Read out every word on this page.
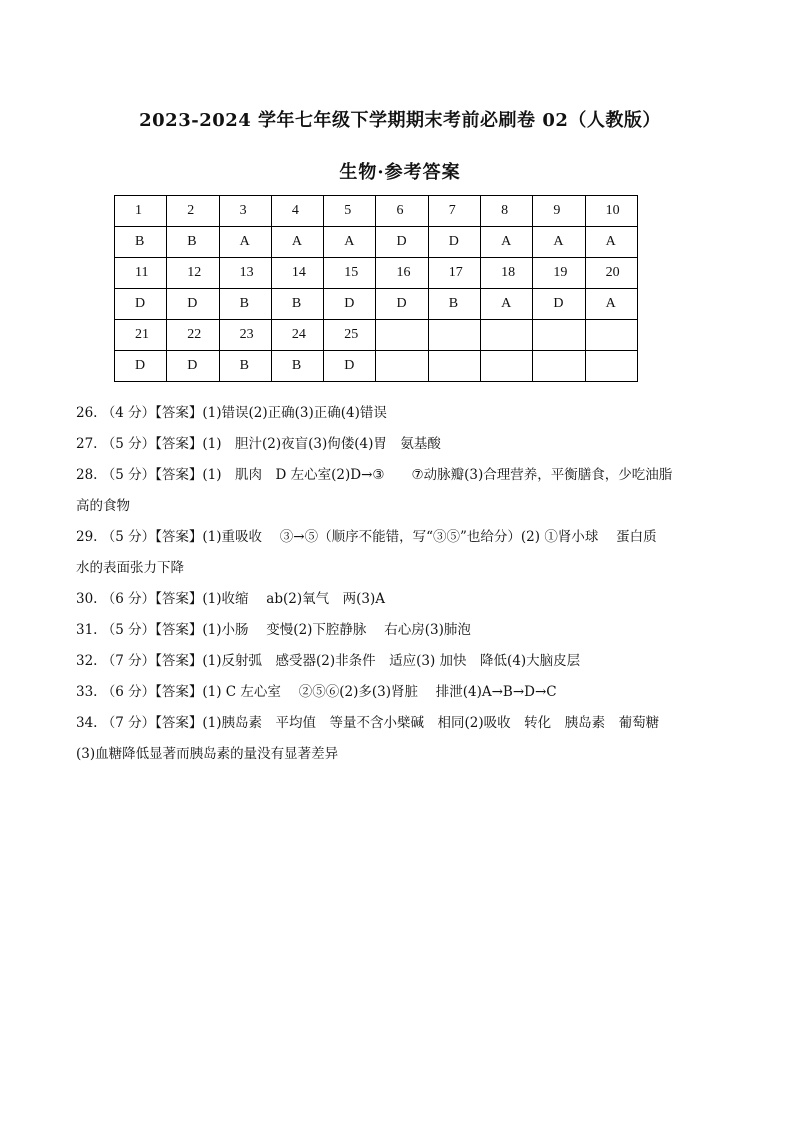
2023-2024 学年七年级下学期期末考前必刷卷 02（人教版）
生物·参考答案
1	2	3	4	5	6	7	8	9	10
B	B	A	A	A	D	D	A	A	A
11	12	13	14	15	16	17	18	19	20
D	D	B	B	D	D	B	A	D	A
21	22	23	24	25					
D	D	B	B	D					
26. （4 分）【答案】(1)错误(2)正确(3)正确(4)错误
27. （5 分）【答案】(1)　胆汁(2)夜盲(3)佝偻(4)胃　氨基酸
28. （5 分）【答案】(1)　肌肉　D 左心室(2)D→③　　⑦动脉瓣(3)合理营养，平衡膳食，少吃油脂高的食物
29. （5 分）【答案】(1)重吸收　 ③→⑤（顺序不能错，写“③⑤”也给分）(2) ①肾小球　 蛋白质　水的表面张力下降
30. （6 分）【答案】(1)收缩　 ab(2)氧气　两(3)A
31. （5 分）【答案】(1)小肠　 变慢(2)下腔静脉　 右心房(3)肺泡
32. （7 分）【答案】(1)反射弧　感受器(2)非条件　适应(3) 加快　降低(4)大脑皮层
33. （6 分）【答案】(1) C 左心室　 ②⑤⑥(2)多(3)肾脏　 排泄(4)A→B→D→C
34. （7 分）【答案】(1)胰岛素　平均值　等量不含小檗碱　相同(2)吸收　转化　胰岛素　葡萄糖(3)血糖降低显著而胰岛素的量没有显著差异
